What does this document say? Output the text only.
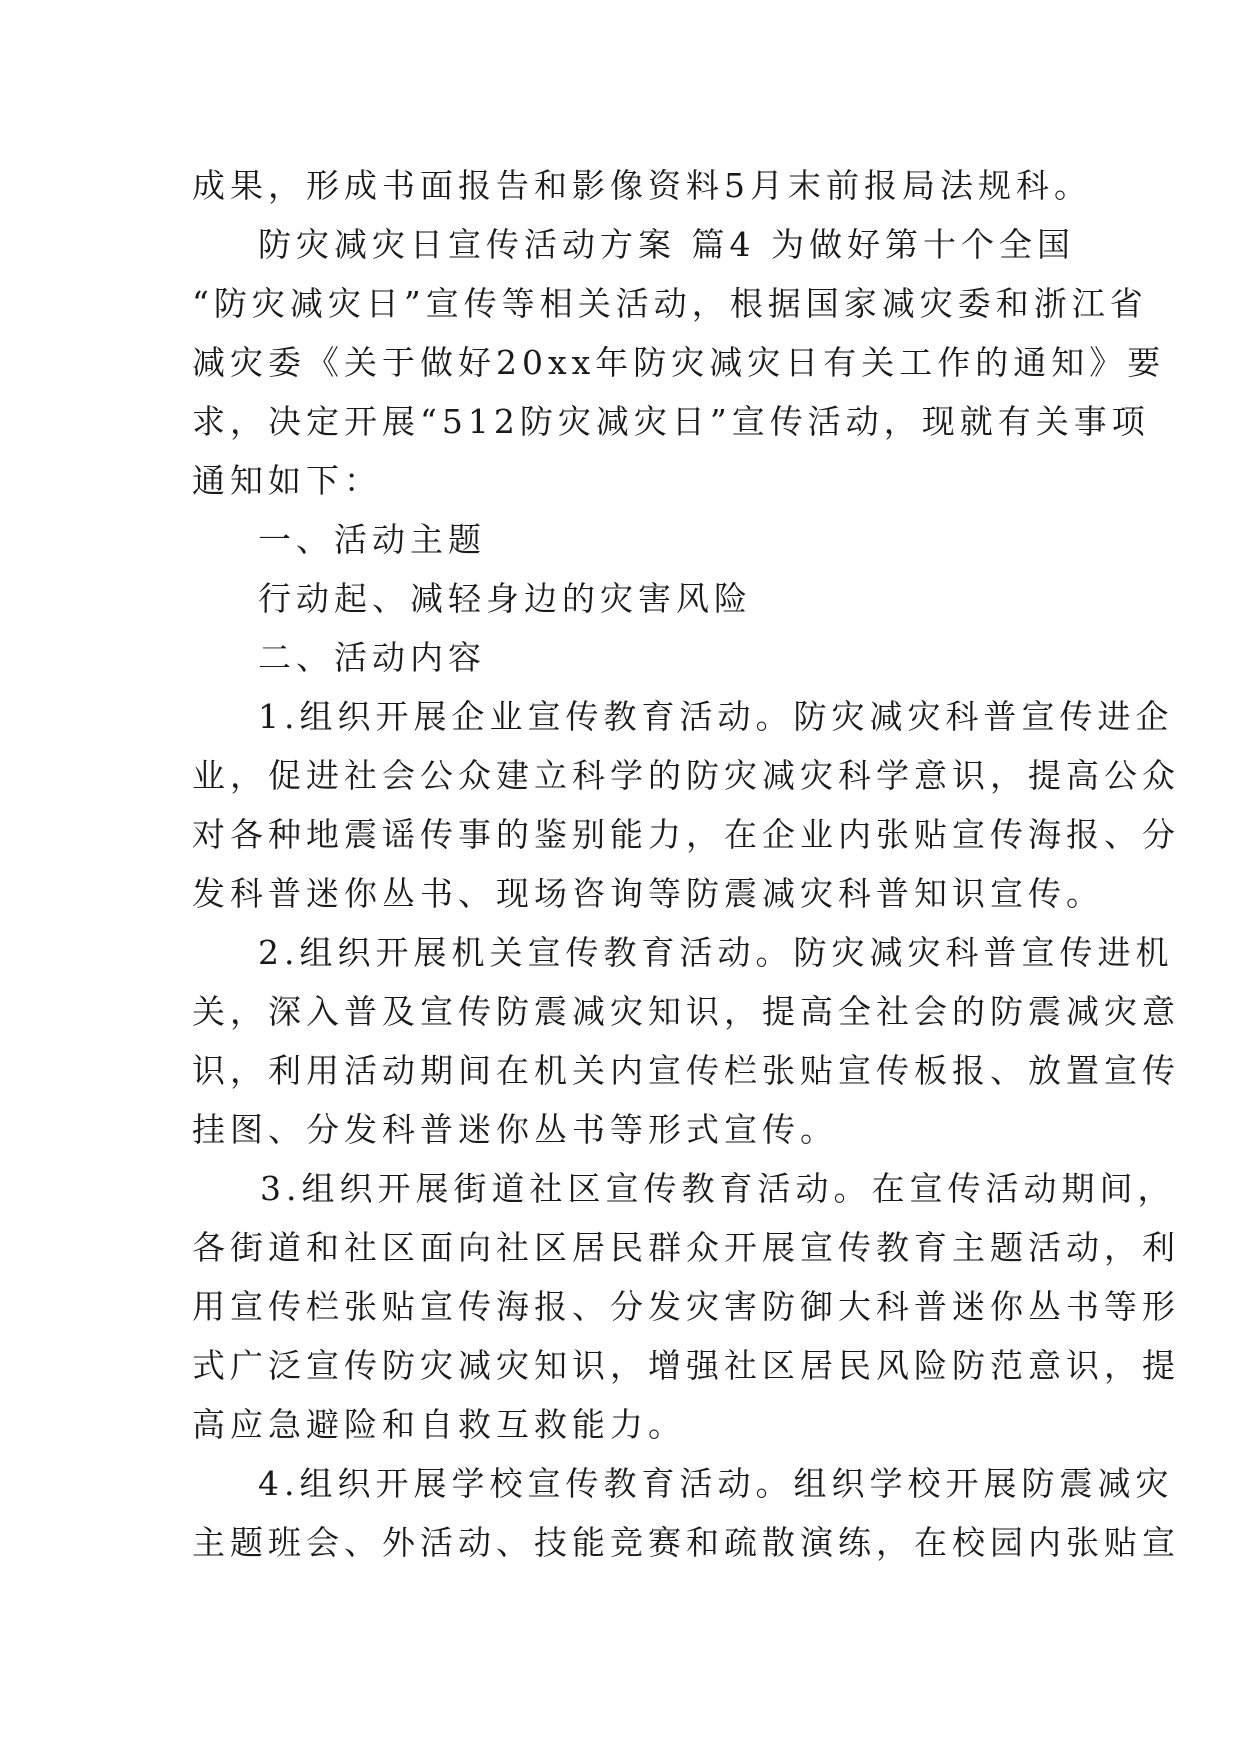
成果，形成书面报告和影像资料5月末前报局法规科。
防灾减灾日宣传活动方案 篇4 为做好第十个全国
“防灾减灾日”宣传等相关活动，根据国家减灾委和浙江省
减灾委《关于做好20xx年防灾减灾日有关工作的通知》要
求，决定开展“512防灾减灾日”宣传活动，现就有关事项
通知如下：
一、活动主题
行动起、减轻身边的灾害风险
二、活动内容
1.组织开展企业宣传教育活动。防灾减灾科普宣传进企
业，促进社会公众建立科学的防灾减灾科学意识，提高公众
对各种地震谣传事的鉴别能力，在企业内张贴宣传海报、分
发科普迷你丛书、现场咨询等防震减灾科普知识宣传。
2.组织开展机关宣传教育活动。防灾减灾科普宣传进机
关，深入普及宣传防震减灾知识，提高全社会的防震减灾意
识，利用活动期间在机关内宣传栏张贴宣传板报、放置宣传
挂图、分发科普迷你丛书等形式宣传。
3.组织开展街道社区宣传教育活动。在宣传活动期间，
各街道和社区面向社区居民群众开展宣传教育主题活动，利
用宣传栏张贴宣传海报、分发灾害防御大科普迷你丛书等形
式广泛宣传防灾减灾知识，增强社区居民风险防范意识，提
高应急避险和自救互救能力。
4.组织开展学校宣传教育活动。组织学校开展防震减灾
主题班会、外活动、技能竞赛和疏散演练，在校园内张贴宣
